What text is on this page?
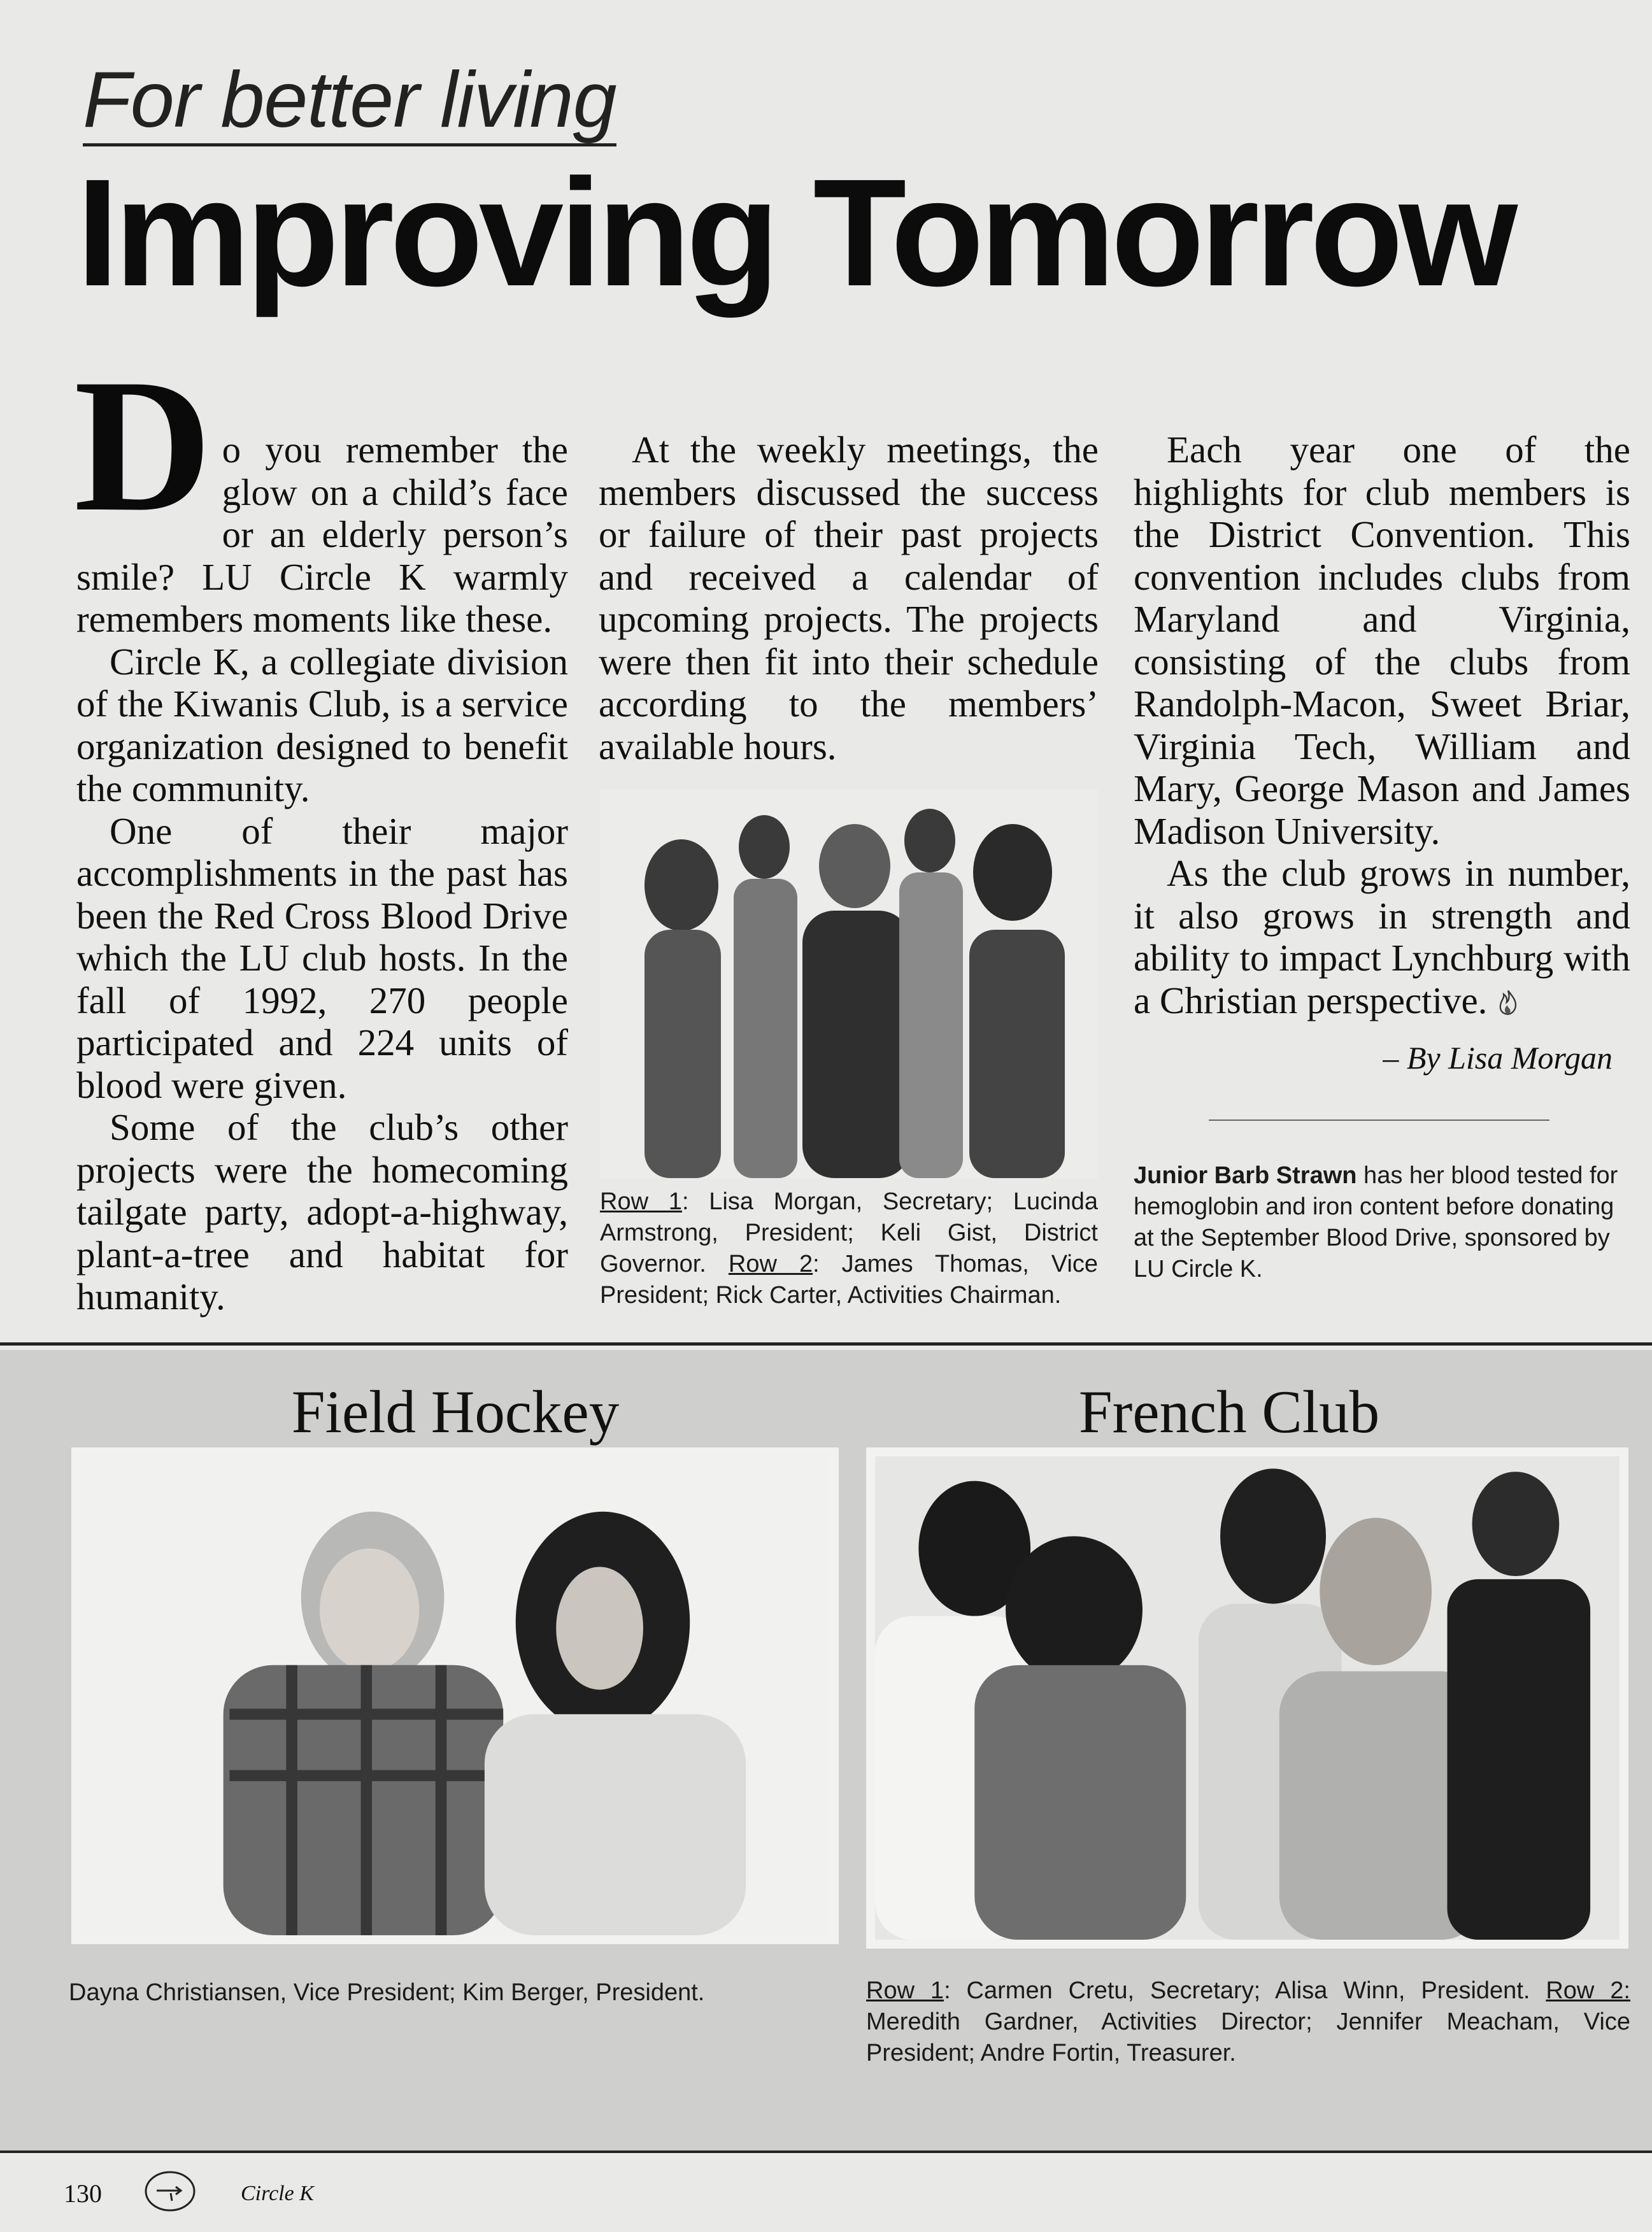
For better living
Improving Tomorrow

Do you remember the glow on a child’s face or an elderly person’s smile? LU Circle K warmly remembers moments like these.

Circle K, a collegiate division of the Kiwanis Club, is a service organization designed to benefit the community.

One of their major accomplishments in the past has been the Red Cross Blood Drive which the LU club hosts. In the fall of 1992, 270 people participated and 224 units of blood were given.

Some of the club’s other projects were the homecoming tailgate party, adopt-a-highway, plant-a-tree and habitat for humanity.

At the weekly meetings, the members discussed the success or failure of their past projects and received a calendar of upcoming projects. The projects were then fit into their schedule according to the members’ available hours.

Each year one of the highlights for club members is the District Convention. This convention includes clubs from Maryland and Virginia, consisting of the clubs from Randolph-Macon, Sweet Briar, Virginia Tech, William and Mary, George Mason and James Madison University.

As the club grows in number, it also grows in strength and ability to impact Lynchburg with a Christian perspective.

– By Lisa Morgan
Row 1: Lisa Morgan, Secretary; Lucinda Armstrong, President; Keli Gist, District Governor. Row 2: James Thomas, Vice President; Rick Carter, Activities Chairman.
Junior Barb Strawn has her blood tested for hemoglobin and iron content before donating at the September Blood Drive, sponsored by LU Circle K.
Field Hockey	French Club
Dayna Christiansen, Vice President; Kim Berger, President.	Row 1: Carmen Cretu, Secretary; Alisa Winn, President. Row 2: Meredith Gardner, Activities Director; Jennifer Meacham, Vice President; Andre Fortin, Treasurer.
130	Circle K
